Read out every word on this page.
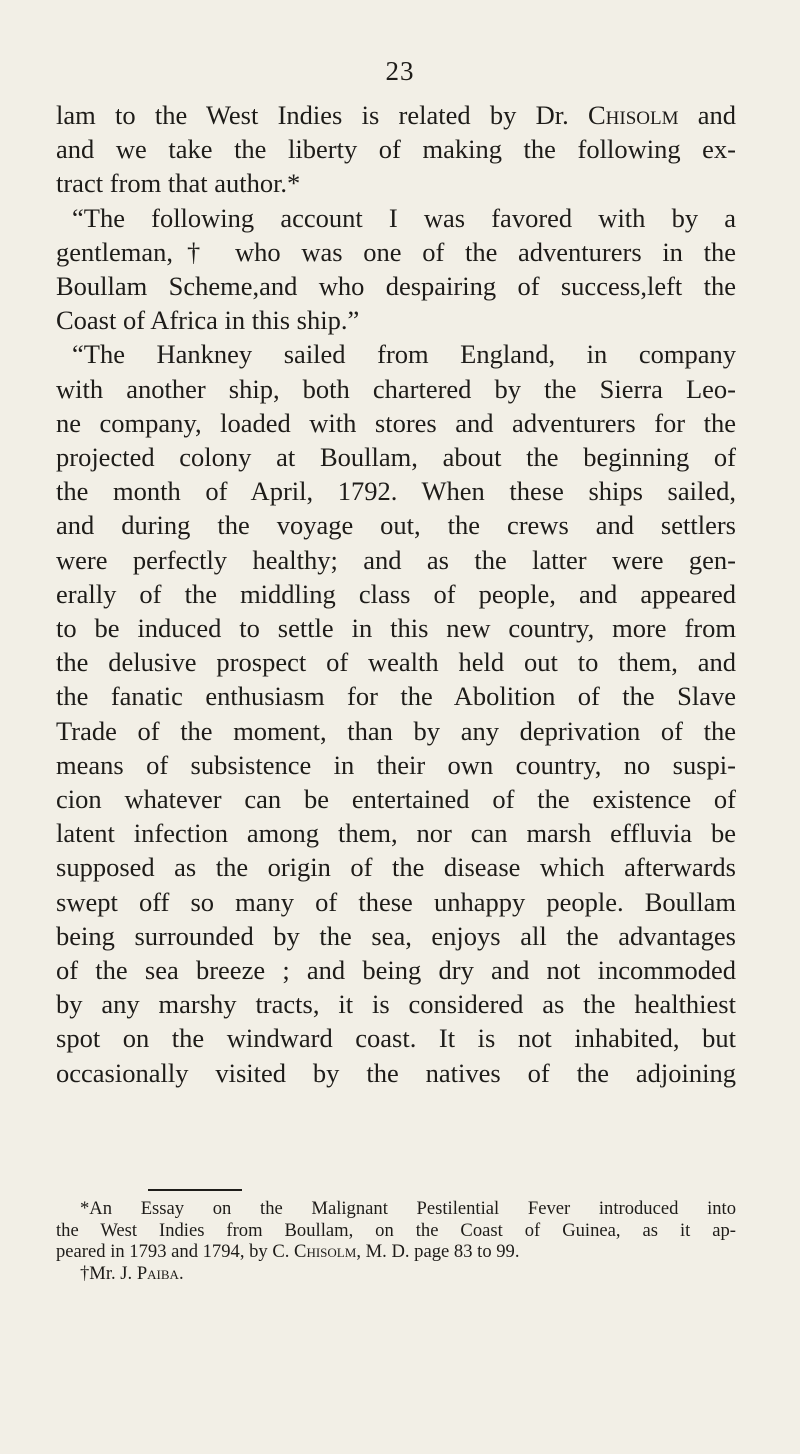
23
lam to the West Indies is related by Dr. Chisolm and
and we take the liberty of making the following ex-
tract from that author.*
“The following account I was favored with by a
gentleman,† who was one of the adventurers in the
Boullam Scheme,and who despairing of success,left the
Coast of Africa in this ship.”
“The Hankney sailed from England, in company
with another ship, both chartered by the Sierra Leo-
ne company, loaded with stores and adventurers for the
projected colony at Boullam, about the beginning of
the month of April, 1792. When these ships sailed,
and during the voyage out, the crews and settlers
were perfectly healthy; and as the latter were gen-
erally of the middling class of people, and appeared
to be induced to settle in this new country, more from
the delusive prospect of wealth held out to them, and
the fanatic enthusiasm for the Abolition of the Slave
Trade of the moment, than by any deprivation of the
means of subsistence in their own country, no suspi-
cion whatever can be entertained of the existence of
latent infection among them, nor can marsh effluvia be
supposed as the origin of the disease which afterwards
swept off so many of these unhappy people. Boullam
being surrounded by the sea, enjoys all the advantages
of the sea breeze ; and being dry and not incommoded
by any marshy tracts, it is considered as the healthiest
spot on the windward coast. It is not inhabited, but
occasionally visited by the natives of the adjoining
*An Essay on the Malignant Pestilential Fever introduced into
the West Indies from Boullam, on the Coast of Guinea, as it ap-
peared in 1793 and 1794, by C. Chisolm, M. D. page 83 to 99.
†Mr. J. Paiba.
